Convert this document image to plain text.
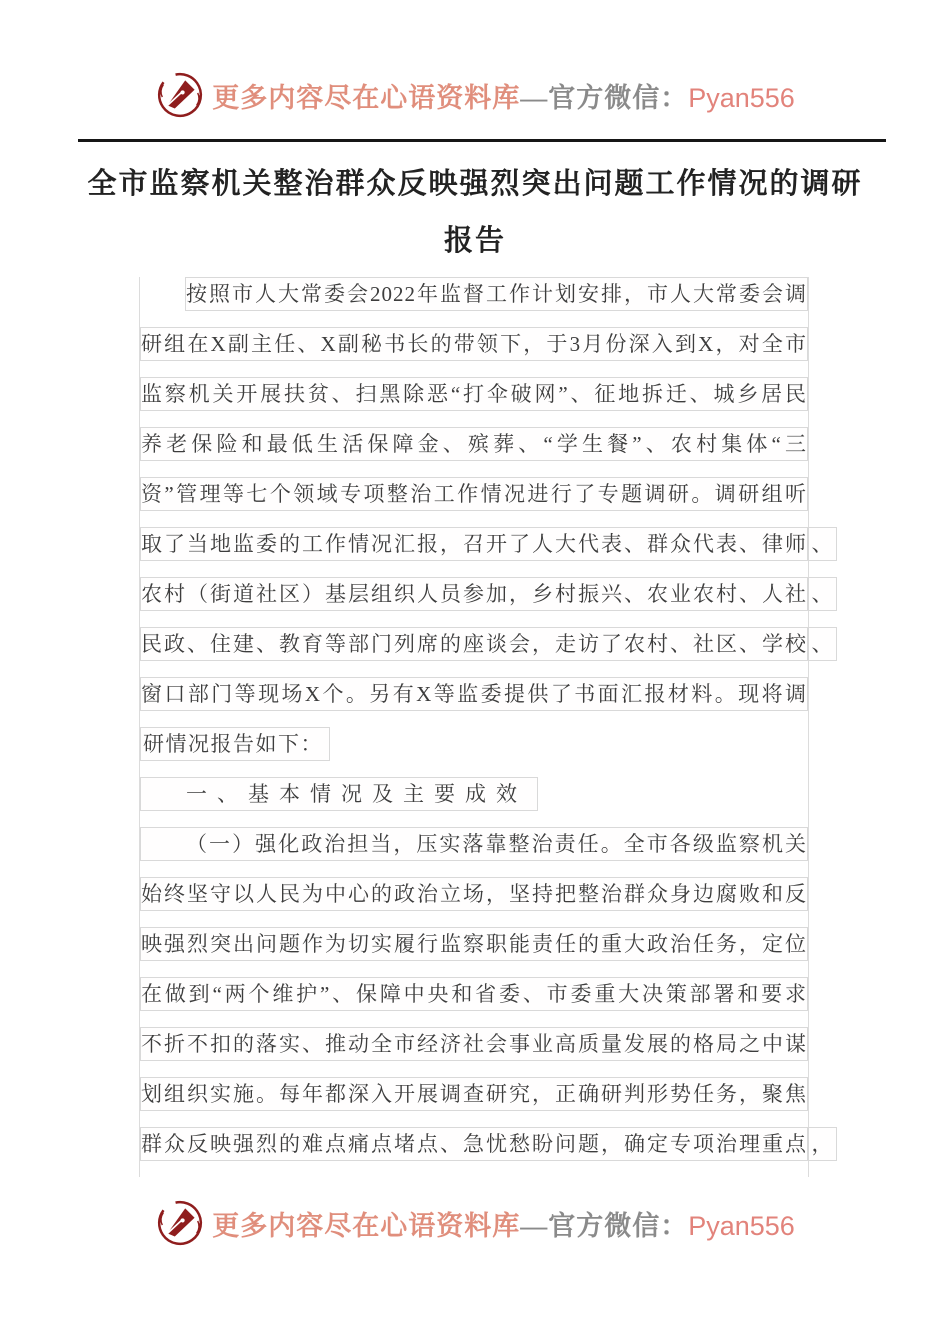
更多内容尽在心语资料库—官方微信：Pyan556
全市监察机关整治群众反映强烈突出问题工作情况的调研
报告
按照市人大常委会2022年监督工作计划安排，市人大常委会调
研组在X副主任、X副秘书长的带领下，于3月份深入到X，对全市
监察机关开展扶贫、扫黑除恶“打伞破网”、征地拆迁、城乡居民
养老保险和最低生活保障金、殡葬、“学生餐”、农村集体“三
资”管理等七个领域专项整治工作情况进行了专题调研。调研组听
取了当地监委的工作情况汇报，召开了人大代表、群众代表、律师 、
农村（街道社区）基层组织人员参加，乡村振兴、农业农村、人社 、
民政、住建、教育等部门列席的座谈会，走访了农村、社区、学校 、
窗口部门等现场X个。另有X等监委提供了书面汇报材料。现将调
研情况报告如下：
一、基本情况及主要成效
（一）强化政治担当，压实落靠整治责任。全市各级监察机关
始终坚守以人民为中心的政治立场，坚持把整治群众身边腐败和反
映强烈突出问题作为切实履行监察职能责任的重大政治任务，定位
在做到“两个维护”、保障中央和省委、市委重大决策部署和要求
不折不扣的落实、推动全市经济社会事业高质量发展的格局之中谋
划组织实施。每年都深入开展调查研究，正确研判形势任务，聚焦
群众反映强烈的难点痛点堵点、急忧愁盼问题，确定专项治理重点 ，
更多内容尽在心语资料库—官方微信：Pyan556
